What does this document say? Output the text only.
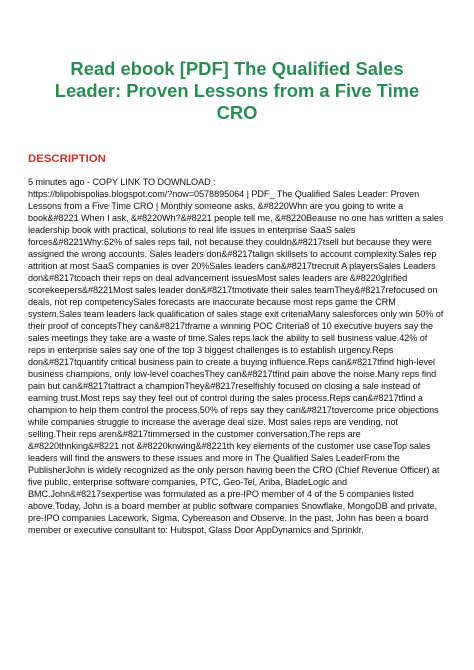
Read ebook [PDF] The Qualified Sales
Leader: Proven Lessons from a Five Time
CRO
DESCRIPTION

5 minutes ago - COPY LINK TO DOWNLOAD :

https://blipobispolias.blogspot.com/?now=0578895064 | PDF_ The Qualified Sales Leader: Proven Lessons from a Five Time CRO | Monthly someone asks, &#8220Whn are you going to write a book&#8221 When I ask, &#8220Wh?&#8221 people tell me, &#8220Beause no one has written a sales leadership book with practical, solutions to real life issues in enterprise SaaS sales forces&#8221Why:62% of sales reps fail, not because they couldn&#8217tsell but because they were assigned the wrong accounts. Sales leaders don&#8217talign skillsets to account complexity.Sales rep attrition at most SaaS companies is over 20%Sales leaders can&#8217trecruit A playersSales Leaders don&#8217tcoach their reps on deal advancement issuesMost sales leaders are &#8220glrified scorekeepers&#8221Most sales leader don&#8217tmotivate their sales teamThey&#8217refocused on deals, not rep competencySales forecasts are inaccurate because most reps game the CRM system.Sales team leaders lack qualification of sales stage exit criteriaMany salesforces only win 50% of their proof of conceptsThey can&#8217tframe a winning POC Criteria8 of 10 executive buyers say the sales meetings they take are a waste of time.Sales reps lack the ability to sell business value.42% of reps in enterprise sales say one of the top 3 biggest challenges is to establish urgency.Reps don&#8217tquantify critical business pain to create a buying influence.Reps can&#8217tfind high-level business champions, only low-level coachesThey can&#8217tfind pain above the noise.Many reps find pain but can&#8217tattract a championThey&#8217reselfishly focused on closing a sale instead of earning trust.Most reps say they feel out of control during the sales process.Reps can&#8217tfind a champion to help them control the process.50% of reps say they can&#8217tovercome price objections while companies struggle to increase the average deal size. Most sales reps are vending, not selling.Their reps aren&#8217timmersed in the customer conversation.The reps are &#8220thnking&#8221 not &#8220knwing&#8221th key elements of the customer use caseTop sales leaders will find the answers to these issues and more in The Qualified Sales LeaderFrom the PublisherJohn is widely recognized as the only person having been the CRO (Chief Revenue Officer) at five public, enterprise software companies, PTC, Geo-Tel, Ariba, BladeLogic and BMC.John&#8217sexpertise was formulated as a pre-IPO member of 4 of the 5 companies listed above.Today, John is a board member at public software companies Snowflake, MongoDB and private, pre-IPO companies Lacework, Sigma, Cybereason and Observe. In the past, John has been a board member or executive consultant to: Hubspot, Glass Door AppDynamics and Sprinklr.
